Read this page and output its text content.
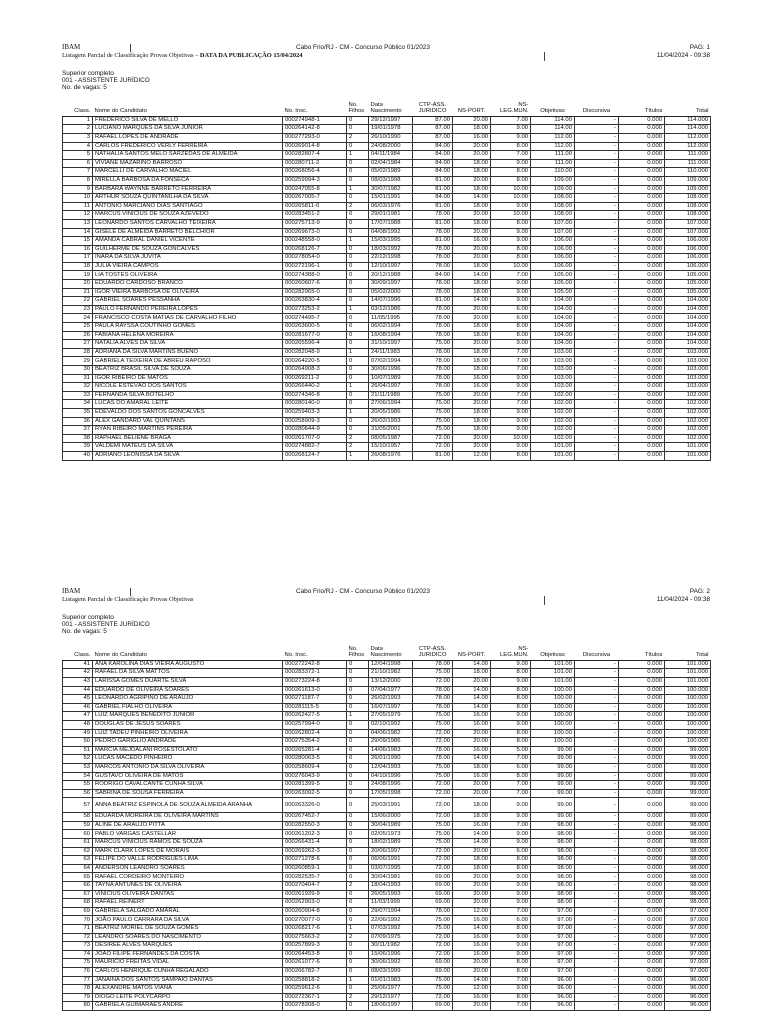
IBAM	Cabo Frio/RJ - CM - Concurso Público 01/2023	PAG: 1
Listagem Parcial de Classificação Provas Objetivas – DATA DA PUBLICAÇÃO 15/04/2024	11/04/2024 - 09:38
Superior completo
001 - ASSISTENTE JURÍDICO
No. de vagas: 5
Class.	Nome do Candidato	No. Insc.	No. Filhos	Data Nascimento	CTP-ASS. JURIDICO	NS-PORT.	NS-LEG.MUN.	Objetivas	Discursiva	Títulos	Total
1	FREDERICO SILVA DE MELLO	000274948-1	0	29/12/1997	87.00	20.00	7.00	114.00	-	0.000	114.000
2	LUCIANO MARQUES DA SILVA JUNIOR	000264142-8	0	19/01/1978	87.00	18.00	9.00	114.00	-	0.000	114.000
3	RAFAEL LOPES DE ANDRADE	000277293-0	2	26/10/1990	87.00	16.00	9.00	112.00	-	0.000	112.000
4	CARLOS FREDERICO VERLY FERREIRA	000269014-8	0	24/08/2000	84.00	20.00	8.00	112.00	-	0.000	112.000
5	NATHALIA SANTOS MELO SARZEDAS DE ALMEIDA	000282807-4	1	04/11/1984	84.00	20.00	7.00	111.00	-	0.000	111.000
6	VIVIANE MAZARINO BARROSO	000280711-2	0	02/04/1984	84.00	18.00	9.00	111.00	-	0.000	111.000
7	MARCELLI DE CARVALHO MACIEL	000268056-4	0	05/02/1989	84.00	18.00	8.00	110.00	-	0.000	110.000
8	MIRELLA BARBOSA DA FONSECA	000259994-3	0	08/03/1998	81.00	20.00	8.00	109.00	-	0.000	109.000
9	BARBARA WAYNNE BARRETO FERREIRA	000247055-8	1	30/07/1982	81.00	18.00	10.00	109.00	-	0.000	109.000
10	ARTHUR SOUZA QUINTANILHA DA SILVA	000267005-7	0	15/01/1991	84.00	14.00	10.00	108.00	-	0.000	108.000
11	ANTONIO MARCIANO DIAS SANTIAGO	000265811-0	2	06/03/1976	81.00	18.00	9.00	108.00	-	0.000	108.000
12	MARCUS VINICIUS DE SOUZA AZEVEDO	000283451-2	0	29/01/1981	78.00	20.00	10.00	108.00	-	0.000	108.000
13	LEONARDO SANTOS CARVALHO TEIXEIRA	000275713-9	0	17/07/1988	81.00	18.00	8.00	107.00	-	0.000	107.000
14	GISELE DE ALMEIDA BARRETO BELCHIOR	000269673-0	0	04/08/1992	78.00	20.00	9.00	107.00	-	0.000	107.000
15	AMANDA CABRAL DANIEL VICENTE	000248558-0	1	15/03/1995	81.00	16.00	9.00	106.00	-	0.000	106.000
16	GUILHERME DE SOUZA GONCALVES	000268126-7	0	18/03/1992	78.00	20.00	8.00	106.00	-	0.000	106.000
17	INARA DA SILVA JUVITA	000278054-0	0	22/12/1998	78.00	20.00	8.00	106.00	-	0.000	106.000
18	JULIA VIEIRA CAMPOS	000272196-1	0	12/10/1997	78.00	18.00	10.00	106.00	-	0.000	106.000
19	LIA TOSTES OLIVEIRA	000274388-0	0	20/12/1988	84.00	14.00	7.00	105.00	-	0.000	105.000
20	EDUARDO CARDOSO BRANCO	000260607-6	0	30/09/1997	78.00	18.00	9.00	105.00	-	0.000	105.000
21	IGOR VIEIRA BARBOSA DE OLIVEIRA	000282965-0	0	05/02/2000	78.00	18.00	9.00	105.00	-	0.000	105.000
22	GABRIEL SOARES PESSANHA	000263830-4	0	14/07/1996	81.00	14.00	9.00	104.00	-	0.000	104.000
23	PAULO FERNANDO PEREIRA LOPES	000273253-2	1	03/12/1986	78.00	20.00	6.00	104.00	-	0.000	104.000
24	FRANCISCO COSTA MATIAS DE CARVALHO FILHO	000274495-7	0	11/05/1995	78.00	20.00	6.00	104.00	-	0.000	104.000
25	PAULA RAYSSA COUTINHO GOMES	000263600-5	0	06/02/1994	78.00	18.00	8.00	104.00	-	0.000	104.000
26	FABIANA HELENA MOREIRA	000281677-0	0	16/08/1994	78.00	18.00	8.00	104.00	-	0.000	104.000
27	NATALIA ALVES DA SILVA	000265596-4	0	31/10/1997	75.00	20.00	9.00	104.00	-	0.000	104.000
28	ADRIANA DA SILVA MARTINS BUENO	000282048-9	1	24/11/1983	78.00	18.00	7.00	103.00	-	0.000	103.000
29	GABRIELA TEIXEIRA DE ABREU RAPOSO	000264220-5	0	07/02/1994	78.00	18.00	7.00	103.00	-	0.000	103.000
30	BEATRIZ BRASIL SILVA DE SOUZA	000264908-3	0	30/06/1996	78.00	18.00	7.00	103.00	-	0.000	103.000
31	IGOR RIBEIRO DE MATOS	000269211-2	0	10/07/1989	78.00	16.00	9.00	103.00	-	0.000	103.000
32	NICOLE ESTEVÃO DOS SANTOS	000266440-2	1	26/04/1997	78.00	16.00	9.00	103.00	-	0.000	103.000
33	FERNANDA SILVA BOTELHO	000274346-8	0	21/11/1989	75.00	20.00	7.00	102.00	-	0.000	102.000
34	LUCAS DO AMARAL LEITE	000280140-0	0	27/06/1994	75.00	20.00	7.00	102.00	-	0.000	102.000
35	EDEVALDO DOS SANTOS GONCALVES	000259403-3	1	20/05/1986	75.00	18.00	9.00	102.00	-	0.000	102.000
36	ALEX GANDARD VAL QUINTANS	000258909-3	0	26/02/1993	75.00	18.00	9.00	102.00	-	0.000	102.000
37	RYAN RIBEIRO MARTINS PEREIRA	000280644-9	0	31/05/2001	75.00	18.00	9.00	102.00	-	0.000	102.000
38	RAPHAEL BELIENE BRAGA	000261707-0	2	08/05/1987	72.00	20.00	10.00	102.00	-	0.000	102.000
39	VALDEMI MATEUS DA SILVA	000274882-7	2	15/10/1957	72.00	20.00	9.00	101.00	-	0.000	101.000
40	ADRIANO LEONISSA DA SILVA	000268124-7	1	26/08/1976	81.00	12.00	8.00	101.00	-	0.000	101.000
IBAM	Cabo Frio/RJ - CM - Concurso Público 01/2023	PAG: 2
Listagem Parcial de Classificação Provas Objetivas	11/04/2024 - 09:38
Superior completo
001 - ASSISTENTE JURÍDICO
No. de vagas: 5
Class.	Nome do Candidato	No. Insc.	No. Filhos	Data Nascimento	CTP-ASS. JURIDICO	NS-PORT.	NS-LEG.MUN.	Objetivas	Discursiva	Títulos	Total
41	ANA KAROLINA DIAS VIEIRA AUGUSTO	000272242-8	0	12/04/1998	78.00	14.00	9.00	101.00	-	0.000	101.000
42	RAFAEL DA SILVA MATTOS	000283372-1	0	21/10/1982	75.00	18.00	8.00	101.00	-	0.000	101.000
43	LARISSA GOMES DUARTE SILVA	000273224-8	0	13/12/2000	72.00	20.00	9.00	101.00	-	0.000	101.000
44	EDUARDO DE OLIVEIRA SOARES	000261613-0	0	07/04/1977	78.00	14.00	8.00	100.00	-	0.000	100.000
45	LEONARDO AGRIPINO DE ARAUJO	000271187-7	0	26/02/1993	78.00	14.00	8.00	100.00	-	0.000	100.000
46	GABRIEL FIALHO OLIVEIRA	000281115-5	0	16/07/1997	78.00	14.00	8.00	100.00	-	0.000	100.000
47	LUIZ MARQUES BENEDITO JUNIOR	000262427-5	1	27/05/1979	75.00	16.00	9.00	100.00	-	0.000	100.000
48	DOUGLAS DE JESUS SOARES	000257994-0	0	02/10/1992	75.00	16.00	9.00	100.00	-	0.000	100.000
49	LUIZ TADEU PINHEIRO OLIVEIRA	000262802-4	0	04/06/1982	72.00	20.00	8.00	100.00	-	0.000	100.000
50	PEDRO GARIGLIO ANDRADE	000275354-2	0	29/09/1986	72.00	20.00	8.00	100.00	-	0.000	100.000
51	MARCIA MEJDALANI ROSESTOLATO	000265281-4	0	14/06/1983	78.00	16.00	5.00	99.00	-	0.000	99.000
52	LUCAS MACEDO PINHEIRO	000280063-5	0	26/01/1990	78.00	14.00	7.00	99.00	-	0.000	99.000
53	MARCOS ANTONIO DA SILVA OLIVEIRA	000258609-4	0	12/04/1993	75.00	18.00	6.00	99.00	-	0.000	99.000
54	GUSTAVO OLIVEIRA DE MATOS	000276043-9	0	04/10/1996	75.00	16.00	8.00	99.00	-	0.000	99.000
55	RODRIGO CAVALCANTE CUNHA SILVA	000281399-5	0	24/08/1996	72.00	20.00	7.00	99.00	-	0.000	99.000
56	SABRINA DE SOUSA FERREIRA	000263092-5	0	17/05/1998	72.00	20.00	7.00	99.00	-	0.000	99.000
57	ANNA BEATRIZ ESPINOLA DE SOUZA ALMEIDA ARANHA	000263326-0	0	25/03/1991	72.00	18.00	9.00	99.00	-	0.000	99.000
58	EDUARDA MOREIRA DE OLIVEIRA MARTINS	000267452-7	0	15/06/2000	72.00	18.00	9.00	99.00	-	0.000	99.000
59	ALINE DE ARAUJO PITTA	000282550-3	0	30/04/1989	75.00	16.00	7.00	98.00	-	0.000	98.000
60	PABLO VARGAS CASTELLAR	000261202-3	0	02/05/1973	75.00	14.00	9.00	98.00	-	0.000	98.000
61	MARCUS VINICIUS RAMOS DE SOUZA	000266431-4	0	18/02/1989	75.00	14.00	9.00	98.00	-	0.000	98.000
62	MARK CLARK LOPES DE MORAIS	000269262-3	0	20/06/1997	72.00	20.00	6.00	98.00	-	0.000	98.000
63	FELIPE DO VALLE RODRIGUES LIMA	000271278-6	0	06/06/1991	72.00	18.00	8.00	98.00	-	0.000	98.000
64	ANDERSON LEANDRO SOARES	000260859-1	0	03/07/1995	72.00	18.00	8.00	98.00	-	0.000	98.000
65	RAFAEL CORDEIRO MONTEIRO	000282535-7	0	30/04/1981	69.00	20.00	9.00	98.00	-	0.000	98.000
66	TAYNA ANTUNES DE OLIVEIRA	000270404-7	2	18/04/1993	69.00	20.00	9.00	98.00	-	0.000	98.000
67	VINICIUS OLIVEIRA DANTAS	000261939-9	0	26/05/1993	69.00	20.00	9.00	98.00	-	0.000	98.000
68	RAFAEL REINERT	000262903-0	0	11/03/1999	69.00	20.00	9.00	98.00	-	0.000	98.000
69	GABRIELA SALGADO AMARAL	000260904-8	0	29/07/1994	78.00	12.00	7.00	97.00	-	0.000	97.000
70	JOÃO PAULO CARRARA DA SILVA	000270077-0	0	22/06/1992	75.00	16.00	6.00	97.00	-	0.000	97.000
71	BEATRIZ MORIEL DE SOUZA GOMES	000268217-6	1	07/03/1992	75.00	14.00	8.00	97.00	-	0.000	97.000
72	LEANDRO SOARES DO NASCIMENTO	000275663-2	2	07/09/1975	72.00	16.00	9.00	97.00	-	0.000	97.000
73	DESIREE ALVES MARQUES	000257899-3	0	30/11/1982	72.00	16.00	9.00	97.00	-	0.000	97.000
74	JOAO FILIPE FERNANDES DA COSTA	000264453-8	0	15/06/1996	72.00	16.00	9.00	97.00	-	0.000	97.000
75	MAURICIO FREITAS VIDAL	000261077-6	0	30/06/1992	69.00	20.00	8.00	97.00	-	0.000	97.000
76	CARLOS HENRIQUE CUNHA REGALADO	000266782-7	0	08/03/1999	69.00	20.00	8.00	97.00	-	0.000	97.000
77	JANAINA DOS SANTOS SAMPAIO DANTAS	000258818-2	1	01/01/1983	75.00	14.00	7.00	96.00	-	0.000	96.000
78	ALEXANDRE MATOS VIANA	000259612-6	0	25/06/1977	75.00	12.00	9.00	96.00	-	0.000	96.000
79	DIOGO LEITE POLYCARPO	000272367-1	2	29/12/1977	72.00	16.00	8.00	96.00	-	0.000	96.000
80	GABRIELA GUIMARAES ANDRE	000278308-0	0	18/06/1997	69.00	20.00	7.00	96.00	-	0.000	96.000
